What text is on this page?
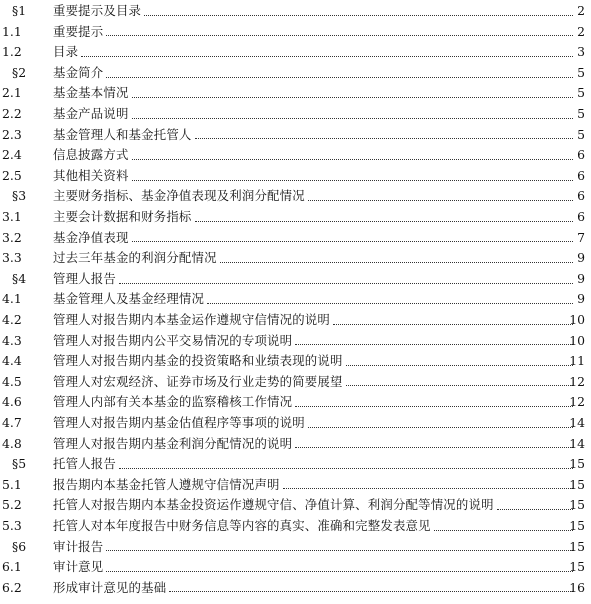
§1	重要提示及目录	2
1.1	重要提示	2
1.2	目录	3
§2	基金简介	5
2.1	基金基本情况	5
2.2	基金产品说明	5
2.3	基金管理人和基金托管人	5
2.4	信息披露方式	6
2.5	其他相关资料	6
§3	主要财务指标、基金净值表现及利润分配情况	6
3.1	主要会计数据和财务指标	6
3.2	基金净值表现	7
3.3	过去三年基金的利润分配情况	9
§4	管理人报告	9
4.1	基金管理人及基金经理情况	9
4.2	管理人对报告期内本基金运作遵规守信情况的说明	10
4.3	管理人对报告期内公平交易情况的专项说明	10
4.4	管理人对报告期内基金的投资策略和业绩表现的说明	11
4.5	管理人对宏观经济、证券市场及行业走势的简要展望	12
4.6	管理人内部有关本基金的监察稽核工作情况	12
4.7	管理人对报告期内基金估值程序等事项的说明	14
4.8	管理人对报告期内基金利润分配情况的说明	14
§5	托管人报告	15
5.1	报告期内本基金托管人遵规守信情况声明	15
5.2	托管人对报告期内本基金投资运作遵规守信、净值计算、利润分配等情况的说明	15
5.3	托管人对本年度报告中财务信息等内容的真实、准确和完整发表意见	15
§6	审计报告	15
6.1	审计意见	15
6.2	形成审计意见的基础	16
